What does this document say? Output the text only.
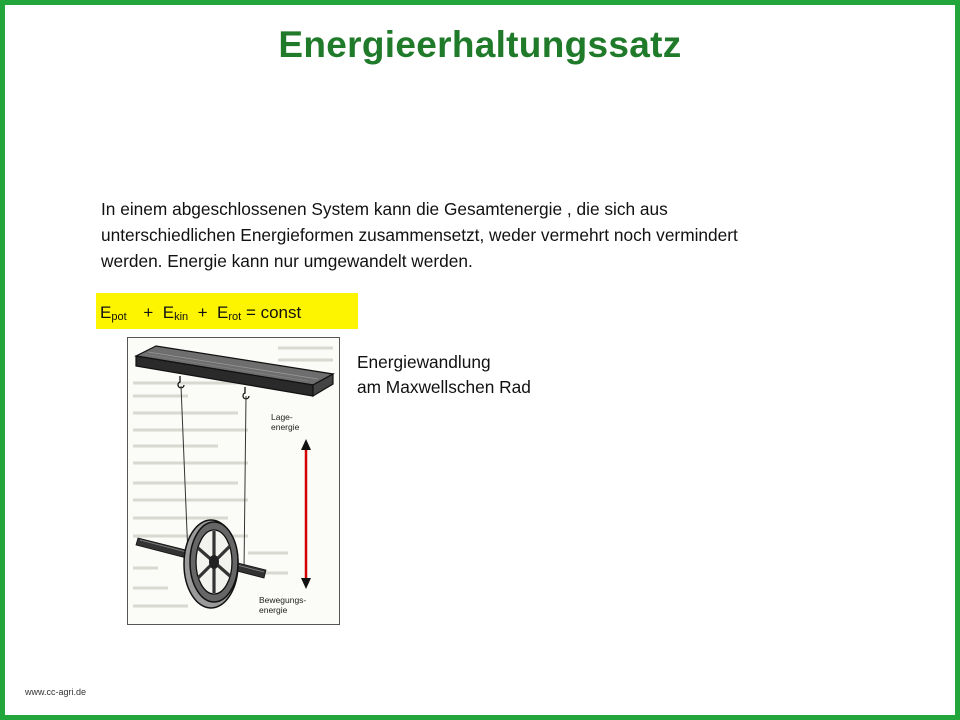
Energieerhaltungssatz
In einem abgeschlossenen System kann die Gesamtenergie , die sich aus
unterschiedlichen Energieformen zusammensetzt, weder vermehrt noch vermindert
werden. Energie kann nur umgewandelt werden.
$E_{pot} + E_{kin} + E_{rot}$ = const
Lage-
energie
Bewegungs-
energie
Energiewandlung
am Maxwellschen Rad
www.cc-agri.de
